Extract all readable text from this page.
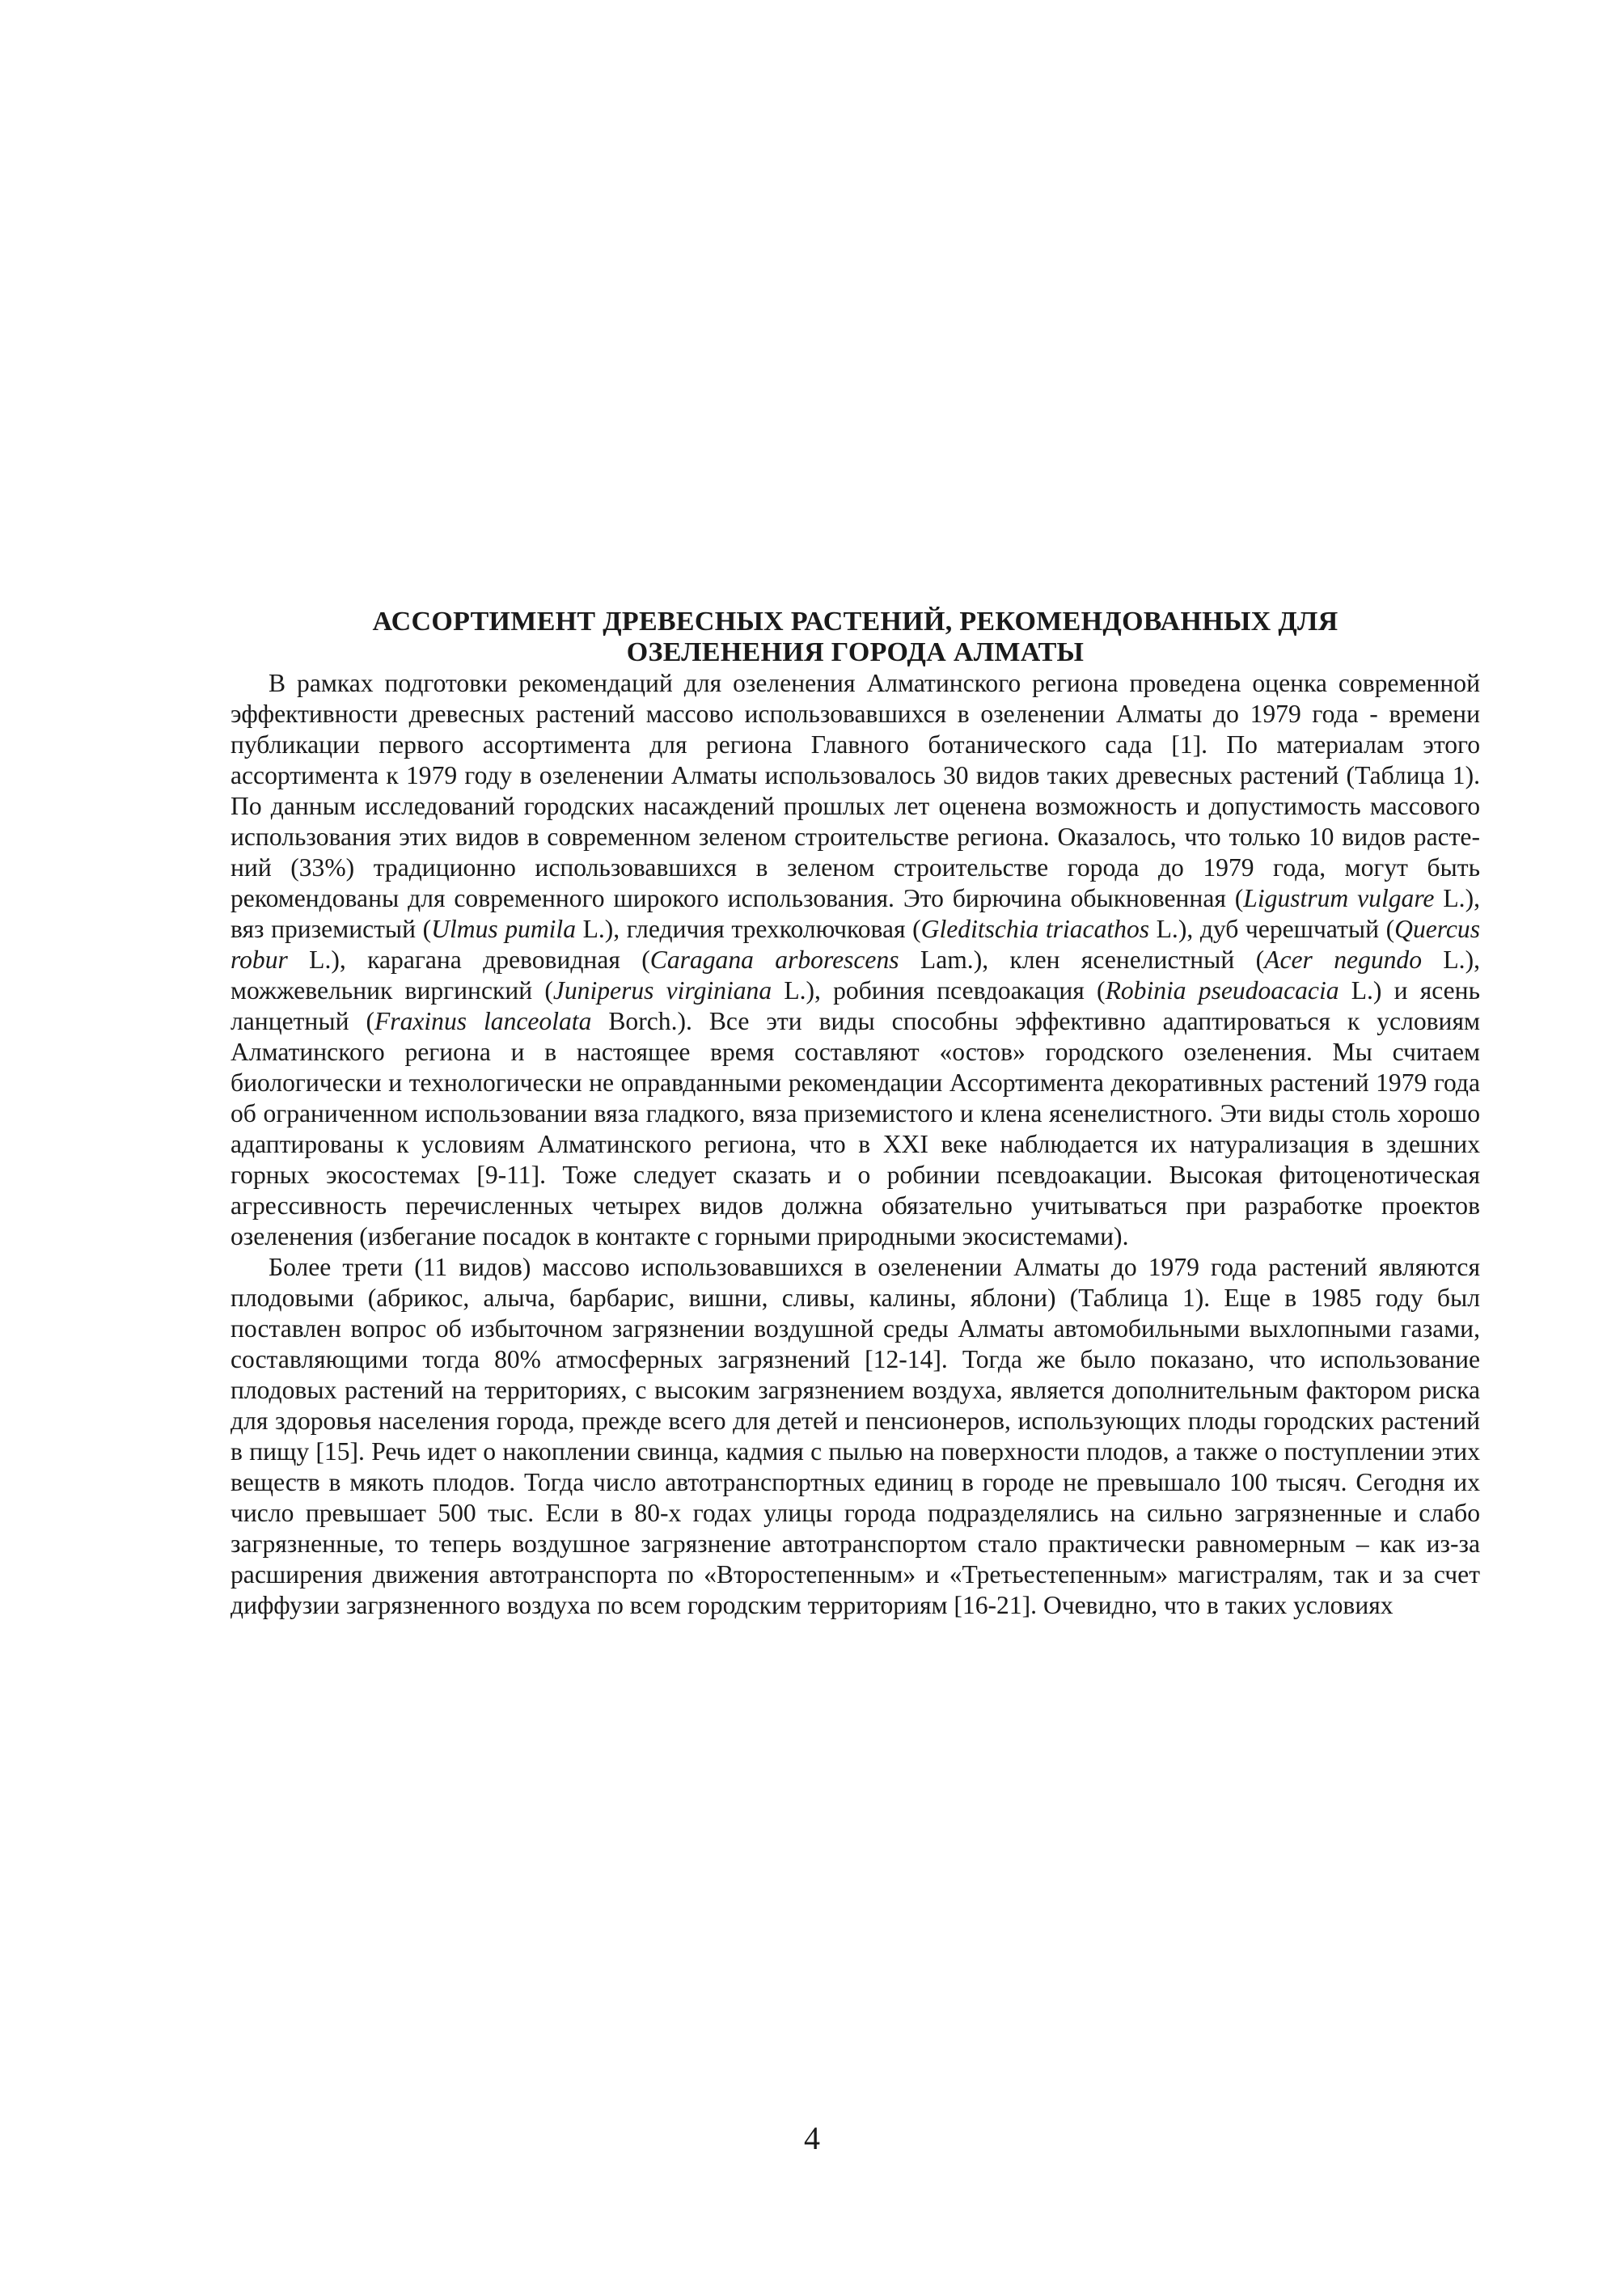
АССОРТИМЕНТ ДРЕВЕСНЫХ РАСТЕНИЙ, РЕКОМЕНДОВАННЫХ ДЛЯ
ОЗЕЛЕНЕНИЯ ГОРОДА АЛМАТЫ

В рамках подготовки рекомендаций для озеленения Алматинского региона проведена оценка современной эффективности древесных растений массово использовавшихся в озеленении Алматы до 1979 года - времени публикации первого ассортимента для региона Главного ботанического сада [1]. По материалам этого ассортимента к 1979 году в озеленении Алматы использовалось 30 видов таких древесных растений (Таблица 1). По данным исследований городских насаждений прошлых лет оценена возможность и допустимость массового использования этих видов в современном зеленом строительстве региона. Оказалось, что только 10 видов растений (33%) традиционно использовавшихся в зеленом строительстве города до 1979 года, могут быть рекомендованы для современного широкого использования. Это бирючина обыкновенная (Ligustrum vulgare L.), вяз приземистый (Ulmus pumila L.), гледичия трехколючковая (Gleditschia triacathos L.), дуб черешчатый (Quercus robur L.), карагана древовидная (Caragana arborescens Lam.), клен ясенелистный (Acer negundo L.), можжевельник виргинский (Juniperus virginiana L.), робиния псевдоакация (Robinia pseudoacacia L.) и ясень ланцетный (Fraxinus lanceolata Borch.). Все эти виды способны эффективно адаптироваться к условиям Алматинского региона и в настоящее время составляют «остов» городского озеленения. Мы считаем биологически и технологически не оправданными рекомендации Ассортимента декоративных растений 1979 года об ограниченном использовании вяза гладкого, вяза приземистого и клена ясенелистного. Эти виды столь хорошо адаптированы к условиям Алматинского региона, что в XXI веке наблюдается их натурализация в здешних горных экосостемах [9-11]. Тоже следует сказать и о робинии псевдоакации. Высокая фитоценотическая агрессивность перечисленных четырех видов должна обязательно учитываться при разработке проектов озеленения (избегание посадок в контакте с горными природными экосистемами).

Более трети (11 видов) массово использовавшихся в озеленении Алматы до 1979 года растений являются плодовыми (абрикос, алыча, барбарис, вишни, сливы, калины, яблони) (Таблица 1). Еще в 1985 году был поставлен вопрос об избыточном загрязнении воздушной среды Алматы автомобильными выхлопными газами, составляющими тогда 80% атмосферных загрязнений [12-14]. Тогда же было показано, что использование плодовых растений на территориях, с высоким загрязнением воздуха, является дополнительным фактором риска для здоровья населения города, прежде всего для детей и пенсионеров, использующих плоды городских растений в пищу [15]. Речь идет о накоплении свинца, кадмия с пылью на поверхности плодов, а также о поступлении этих веществ в мякоть плодов. Тогда число автотранспортных единиц в городе не превышало 100 тысяч. Сегодня их число превышает 500 тыс. Если в 80-х годах улицы города подразделялись на сильно загрязненные и слабо загрязненные, то теперь воздушное загрязнение автотранспортом стало практически равномерным – как из-за расширения движения автотранспорта по «Второстепенным» и «Третьестепенным» магистралям, так и за счет диффузии загрязненного воздуха по всем городским территориям [16-21]. Очевидно, что в таких условиях

4
